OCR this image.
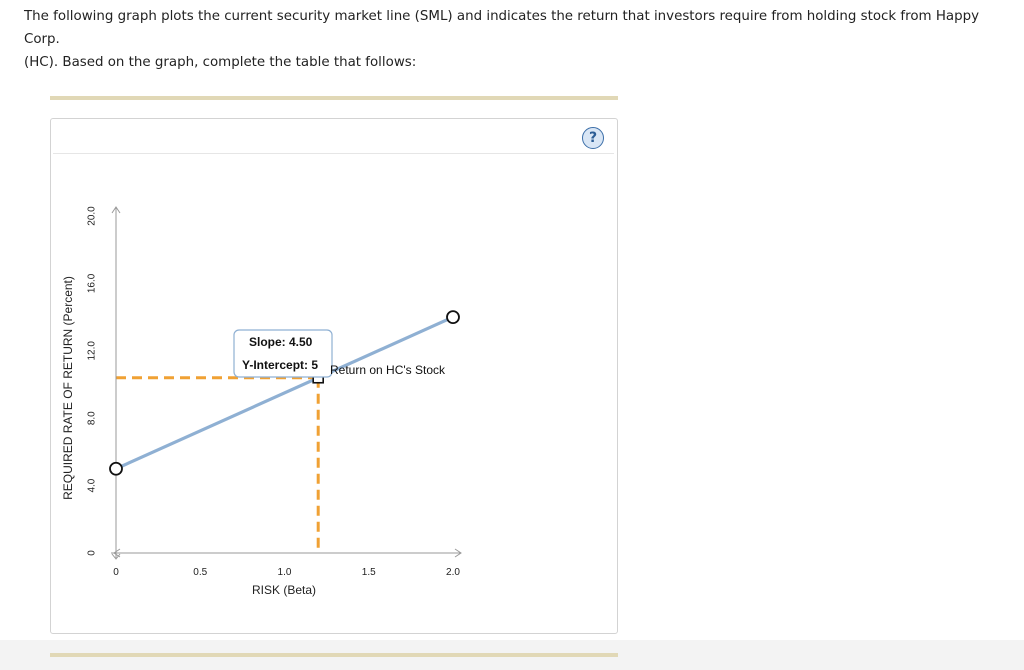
The following graph plots the current security market line (SML) and indicates the return that investors require from holding stock from Happy Corp.

(HC). Based on the graph, complete the table that follows:

?
0	0.5	1.0	1.5	2.0
0
4.0
8.0
12.0
16.0
20.0
Slope: 4.50
Y-Intercept: 5 Return on HC's Stock
RISK (Beta)
REQUIRED RATE OF RETURN (Percent)
